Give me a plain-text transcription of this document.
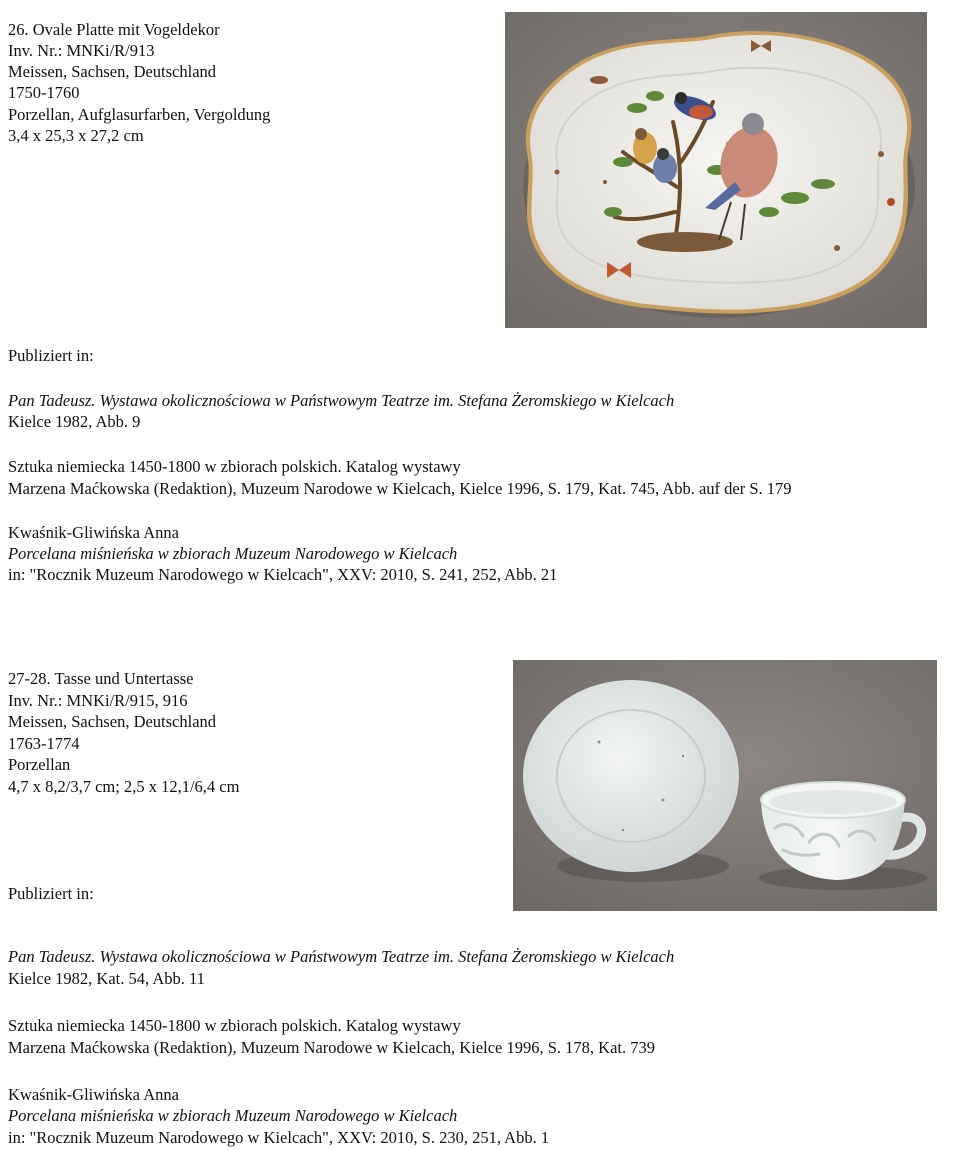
26. Ovale Platte mit Vogeldekor
Inv. Nr.: MNKi/R/913
Meissen, Sachsen, Deutschland
1750-1760
Porzellan, Aufglasurfarben, Vergoldung
3,4 x 25,3 x 27,2 cm
Publiziert in:
Pan Tadeusz. Wystawa okolicznościowa w Państwowym Teatrze im. Stefana Żeromskiego w Kielcach
Kielce 1982, Abb. 9
Sztuka niemiecka 1450-1800 w zbiorach polskich. Katalog wystawy
Marzena Maćkowska (Redaktion), Muzeum Narodowe w Kielcach, Kielce 1996, S. 179, Kat. 745, Abb. auf der S. 179
Kwaśnik-Gliwińska Anna
Porcelana miśnieńska w zbiorach Muzeum Narodowego w Kielcach
in: "Rocznik Muzeum Narodowego w Kielcach", XXV: 2010, S. 241, 252, Abb. 21
27-28. Tasse und Untertasse
Inv. Nr.: MNKi/R/915, 916
Meissen, Sachsen, Deutschland
1763-1774
Porzellan
4,7 x 8,2/3,7 cm; 2,5 x 12,1/6,4 cm
Publiziert in:
Pan Tadeusz. Wystawa okolicznościowa w Państwowym Teatrze im. Stefana Żeromskiego w Kielcach
Kielce 1982, Kat. 54, Abb. 11
Sztuka niemiecka 1450-1800 w zbiorach polskich. Katalog wystawy
Marzena Maćkowska (Redaktion), Muzeum Narodowe w Kielcach, Kielce 1996, S. 178, Kat. 739
Kwaśnik-Gliwińska Anna
Porcelana miśnieńska w zbiorach Muzeum Narodowego w Kielcach
in: "Rocznik Muzeum Narodowego w Kielcach", XXV: 2010, S. 230, 251, Abb. 1
